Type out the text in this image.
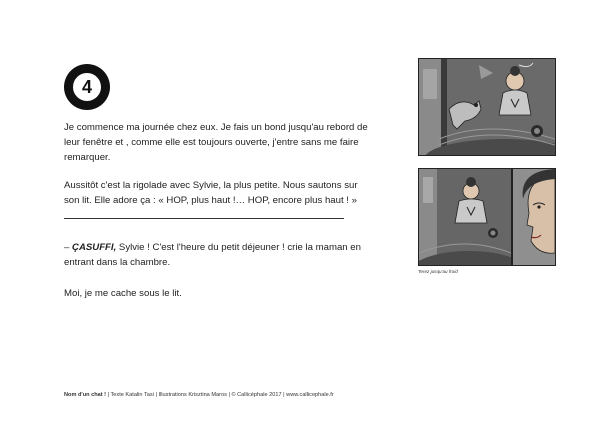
4

Je commence ma journée chez eux. Je fais un bond jusqu'au rebord de leur fenêtre et , comme elle est toujours ouverte, j'entre sans me faire remarquer.

Aussitôt c'est la rigolade avec Sylvie, la plus petite. Nous sautons sur son lit. Elle adore ça : « HOP, plus haut !… HOP, encore plus haut ! »

– ÇASUFFI, Sylvie ! C'est l'heure du petit déjeuner ! crie la maman en entrant dans la chambre.

Moi, je me cache sous le lit.

Terez jusqu'au froid
Nom d'un chat ! | Texte Katalin Tasi | Illustrations Krisztina Maros | © Callicéphale 2017 | www.callicephale.fr
